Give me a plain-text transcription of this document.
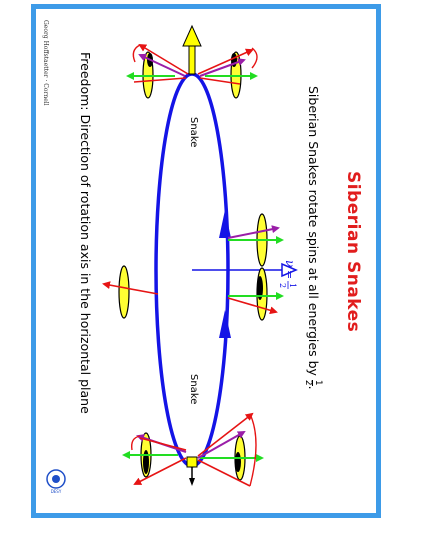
DESY
ν
=
1
2	Siberian Snakes
Siberian Snakes rotate spins at all energies by
1
2
.
Freedom: Direction of rotation axis in the horizontal plane	Snake
Snake
Georg Hoffstaetter · Cornell
